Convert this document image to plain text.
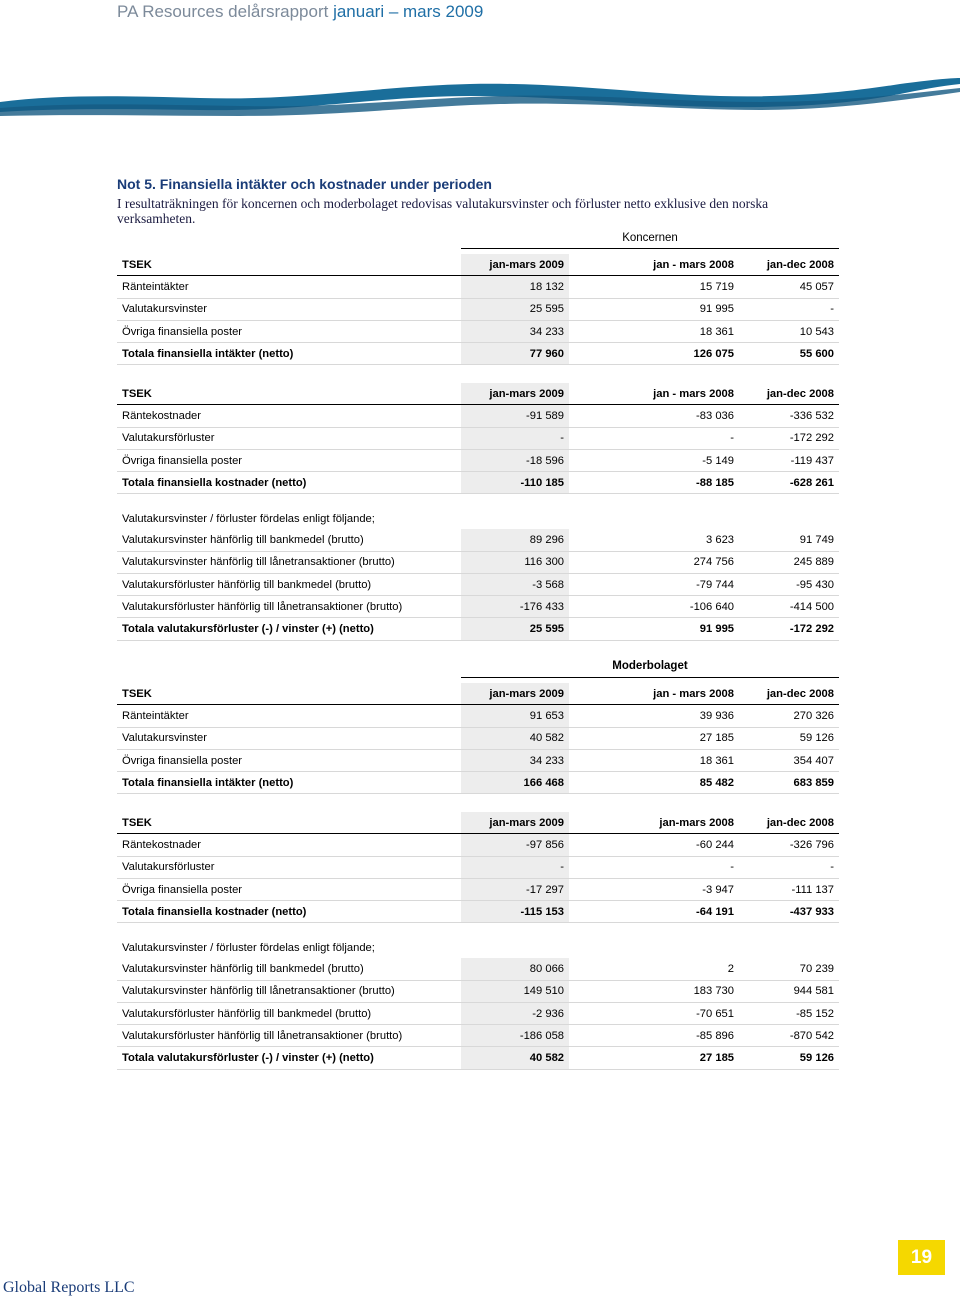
PA Resources delårsrapport januari – mars 2009
Not 5. Finansiella intäkter och kostnader under perioden
I resultaträkningen för koncernen och moderbolaget redovisas valutakursvinster och förluster netto exklusive den norska verksamheten.
Koncernen
TSEK	jan-mars 2009	jan - mars 2008	jan-dec 2008
Ränteintäkter	18 132	15 719	45 057
Valutakursvinster	25 595	91 995	-
Övriga finansiella poster	34 233	18 361	10 543
Totala finansiella intäkter (netto)	77 960	126 075	55 600
TSEK	jan-mars 2009	jan - mars 2008	jan-dec 2008
Räntekostnader	-91 589	-83 036	-336 532
Valutakursförluster	-	-	-172 292
Övriga finansiella poster	-18 596	-5 149	-119 437
Totala finansiella kostnader (netto)	-110 185	-88 185	-628 261
Valutakursvinster / förluster fördelas enligt följande;			
Valutakursvinster hänförlig till bankmedel (brutto)	89 296	3 623	91 749
Valutakursvinster hänförlig till lånetransaktioner (brutto)	116 300	274 756	245 889
Valutakursförluster hänförlig till bankmedel (brutto)	-3 568	-79 744	-95 430
Valutakursförluster hänförlig till lånetransaktioner (brutto)	-176 433	-106 640	-414 500
Totala valutakursförluster (-) / vinster (+) (netto)	25 595	91 995	-172 292
Moderbolaget
TSEK	jan-mars 2009	jan - mars 2008	jan-dec 2008
Ränteintäkter	91 653	39 936	270 326
Valutakursvinster	40 582	27 185	59 126
Övriga finansiella poster	34 233	18 361	354 407
Totala finansiella intäkter (netto)	166 468	85 482	683 859
TSEK	jan-mars 2009	jan-mars 2008	jan-dec 2008
Räntekostnader	-97 856	-60 244	-326 796
Valutakursförluster	-	-	-
Övriga finansiella poster	-17 297	-3 947	-111 137
Totala finansiella kostnader (netto)	-115 153	-64 191	-437 933
Valutakursvinster / förluster fördelas enligt följande;			
Valutakursvinster hänförlig till bankmedel (brutto)	80 066	2	70 239
Valutakursvinster hänförlig till lånetransaktioner (brutto)	149 510	183 730	944 581
Valutakursförluster hänförlig till bankmedel (brutto)	-2 936	-70 651	-85 152
Valutakursförluster hänförlig till lånetransaktioner (brutto)	-186 058	-85 896	-870 542
Totala valutakursförluster (-) / vinster (+) (netto)	40 582	27 185	59 126
Global Reports LLC
19
